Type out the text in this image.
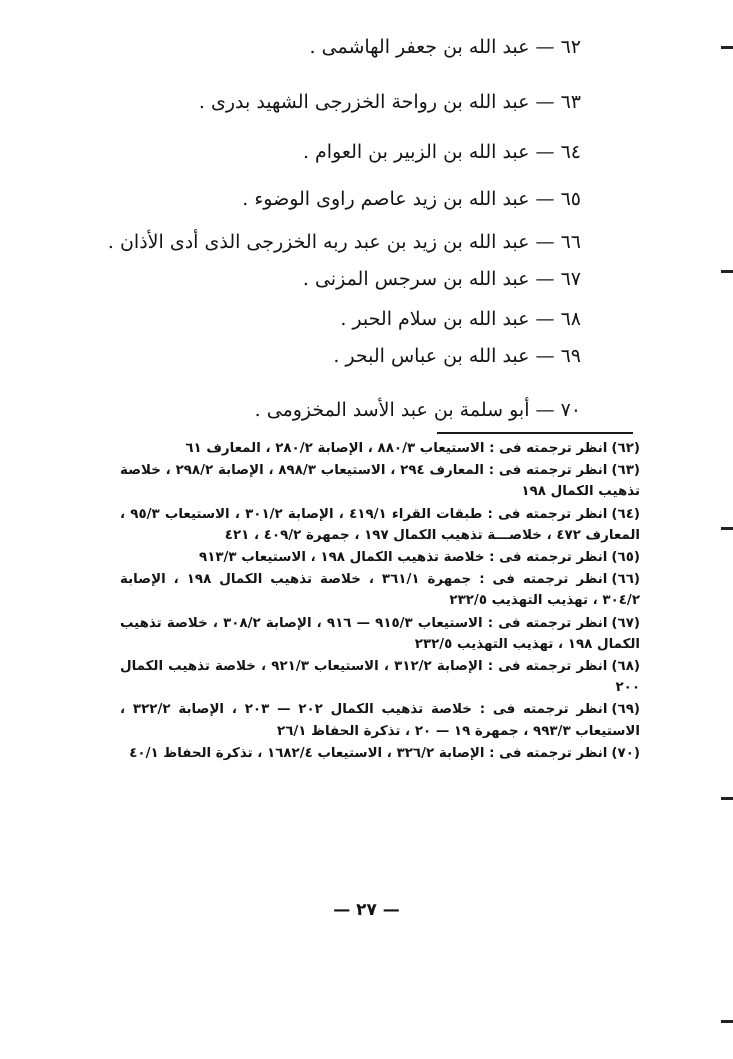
٦٢ — عبد الله بن جعفر الهاشمى .
٦٣ — عبد الله بن رواحة الخزرجى الشهيد بدرى .
٦٤ — عبد الله بن الزبير بن العوام .
٦٥ — عبد الله بن زيد عاصم راوى الوضوء .
٦٦ — عبد الله بن زيد بن عبد ربه الخزرجى الذى أدى الأذان .
٦٧ — عبد الله بن سرجس المزنى .
٦٨ — عبد الله بن سلام الحبر .
٦٩ — عبد الله بن عباس البحر .
٧٠ — أبو سلمة بن عبد الأسد المخزومى .
(٦٢)انظر ترجمته فى : الاستيعاب ٨٨٠/٣ ، الإصابة ٢٨٠/٢ ، المعارف ٦١
(٦٣)انظر ترجمته فى : المعارف ٢٩٤ ، الاستيعاب ٨٩٨/٣ ، الإصابة ٢٩٨/٢ ، خلاصة تذهيب الكمال ١٩٨
(٦٤)انظر ترجمته فى : طبقات القراء ٤١٩/١ ، الإصابة ٣٠١/٢ ، الاستيعاب ٩٥/٣ ، المعارف ٤٧٢ ، خلاصـــة تذهيب الكمال ١٩٧ ، جمهرة ٤٠٩/٢ ، ٤٢١
(٦٥)انظر ترجمته فى : خلاصة تذهيب الكمال ١٩٨ ، الاستيعاب ٩١٣/٣
(٦٦)انظر ترجمته فى : جمهرة ٣٦١/١ ، خلاصة تذهيب الكمال ١٩٨ ، الإصابة ٣٠٤/٢ ، تهذيب التهذيب ٢٣٢/٥
(٦٧)انظر ترجمته فى : الاستيعاب ٩١٥/٣ — ٩١٦ ، الإصابة ٣٠٨/٢ ، خلاصة تذهيب الكمال ١٩٨ ، تهذيب التهذيب ٢٣٢/٥
(٦٨)انظر ترجمته فى : الإصابة ٣١٢/٢ ، الاستيعاب ٩٢١/٣ ، خلاصة تذهيب الكمال ٢٠٠
(٦٩)انظر ترجمته فى : خلاصة تذهيب الكمال ٢٠٢ — ٢٠٣ ، الإصابة ٣٢٢/٢ ، الاستيعاب ٩٩٣/٣ ، جمهرة ١٩ — ٢٠ ، تذكرة الحفاظ ٢٦/١
(٧٠)انظر ترجمته فى : الإصابة ٣٢٦/٢ ، الاستيعاب ١٦٨٢/٤ ، تذكرة الحفاظ ٤٠/١
— ٢٧ —
